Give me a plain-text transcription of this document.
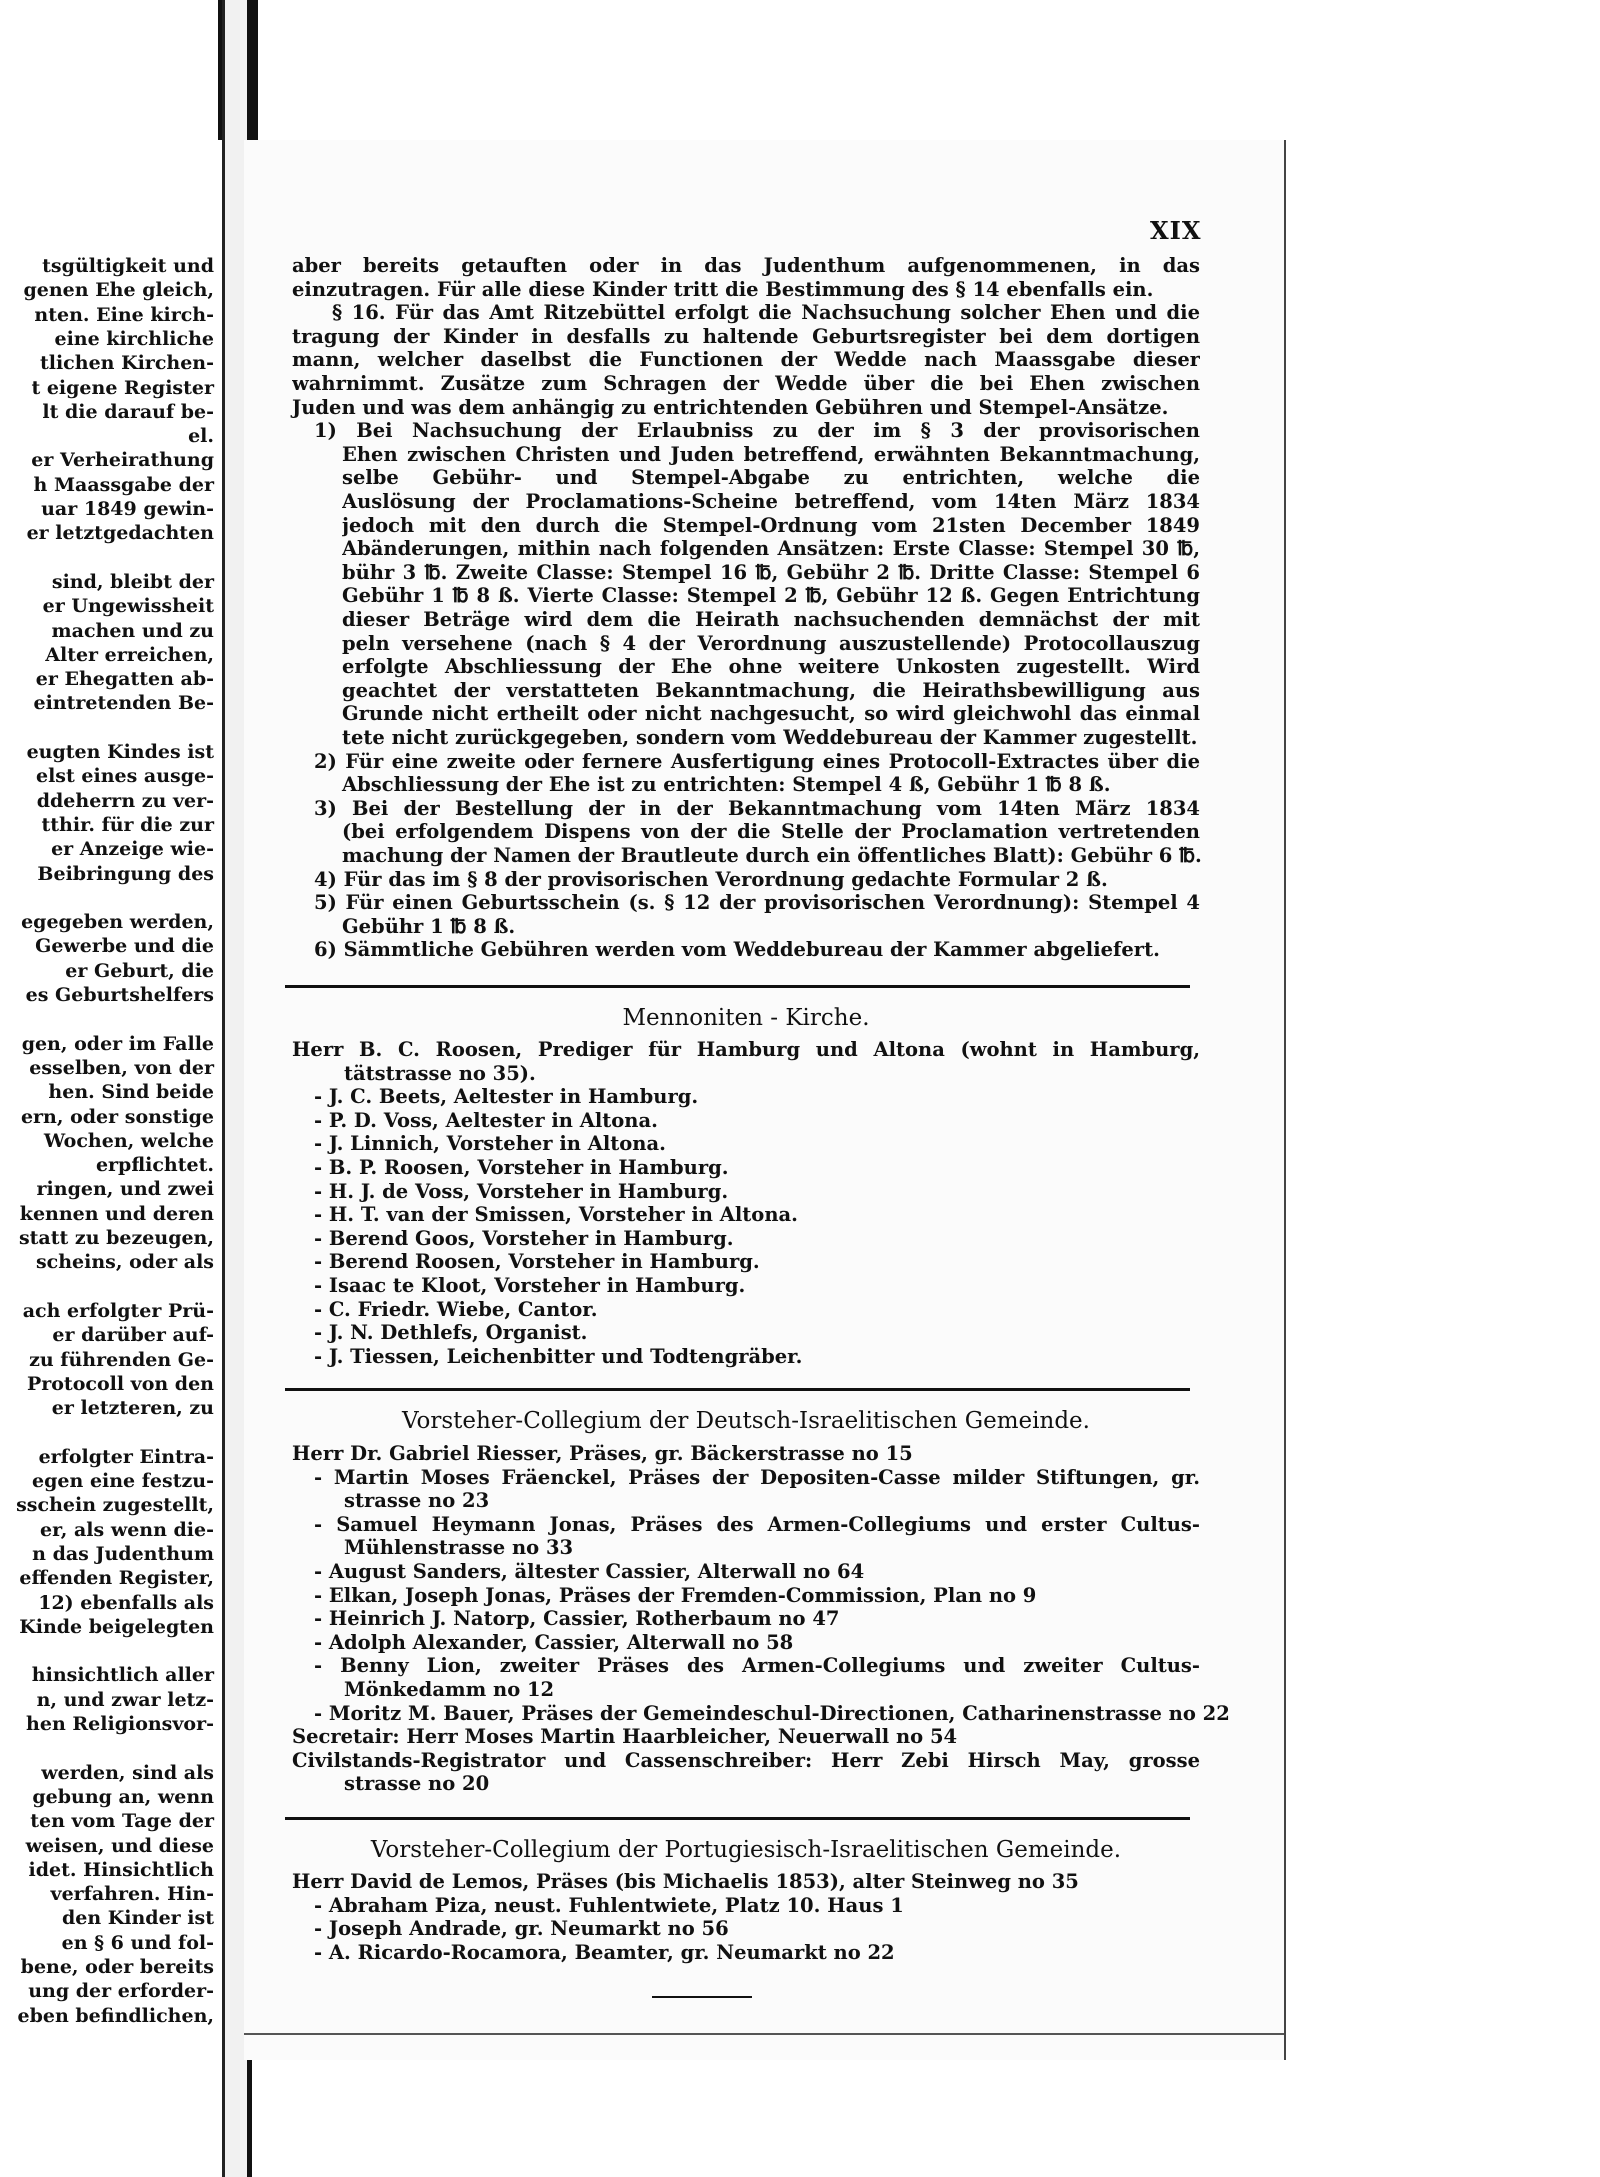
tsgültigkeit und
genen Ehe gleich,
nten. Eine kirch-
eine kirchliche
tlichen Kirchen-
t eigene Register
lt die darauf be-
el.
er Verheirathung
h Maassgabe der
uar 1849 gewin-
er letztgedachten
sind, bleibt der
er Ungewissheit
machen und zu
Alter erreichen,
er Ehegatten ab-
eintretenden Be-
eugten Kindes ist
elst eines ausge-
ddeherrn zu ver-
tthir. für die zur
er Anzeige wie-
Beibringung des
egegeben werden,
Gewerbe und die
er Geburt, die
es Geburtshelfers
gen, oder im Falle
esselben, von der
hen. Sind beide
ern, oder sonstige
Wochen, welche
erpflichtet.
ringen, und zwei
kennen und deren
statt zu bezeugen,
scheins, oder als
ach erfolgter Prü-
er darüber auf-
zu führenden Ge-
Protocoll von den
er letzteren, zu
erfolgter Eintra-
egen eine festzu-
sschein zugestellt,
er, als wenn die-
n das Judenthum
effenden Register,
12) ebenfalls als
Kinde beigelegten
hinsichtlich aller
n, und zwar letz-
hen Religionsvor-
werden, sind als
gebung an, wenn
ten vom Tage der
weisen, und diese
idet. Hinsichtlich
verfahren. Hin-
den Kinder ist
en § 6 und fol-
bene, oder bereits
ung der erforder-
eben befindlichen,
XIX
aber bereits getauften oder in das Judenthum aufgenommenen, in das
einzutragen. Für alle diese Kinder tritt die Bestimmung des § 14 ebenfalls ein.
§ 16. Für das Amt Ritzebüttel erfolgt die Nachsuchung solcher Ehen und die
tragung der Kinder in desfalls zu haltende Geburtsregister bei dem dortigen
mann, welcher daselbst die Functionen der Wedde nach Maassgabe dieser
wahrnimmt. Zusätze zum Schragen der Wedde über die bei Ehen zwischen
Juden und was dem anhängig zu entrichtenden Gebühren und Stempel-Ansätze.
1) Bei Nachsuchung der Erlaubniss zu der im § 3 der provisorischen
Ehen zwischen Christen und Juden betreffend, erwähnten Bekanntmachung,
selbe Gebühr- und Stempel-Abgabe zu entrichten, welche die
Auslösung der Proclamations-Scheine betreffend, vom 14ten März 1834
jedoch mit den durch die Stempel-Ordnung vom 21sten December 1849
Abänderungen, mithin nach folgenden Ansätzen: Erste Classe: Stempel 30 ℔,
bühr 3 ℔. Zweite Classe: Stempel 16 ℔, Gebühr 2 ℔. Dritte Classe: Stempel 6
Gebühr 1 ℔ 8 ß. Vierte Classe: Stempel 2 ℔, Gebühr 12 ß. Gegen Entrichtung
dieser Beträge wird dem die Heirath nachsuchenden demnächst der mit
peln versehene (nach § 4 der Verordnung auszustellende) Protocollauszug
erfolgte Abschliessung der Ehe ohne weitere Unkosten zugestellt. Wird
geachtet der verstatteten Bekanntmachung, die Heirathsbewilligung aus
Grunde nicht ertheilt oder nicht nachgesucht, so wird gleichwohl das einmal
tete nicht zurückgegeben, sondern vom Weddebureau der Kammer zugestellt.
2) Für eine zweite oder fernere Ausfertigung eines Protocoll-Extractes über die
Abschliessung der Ehe ist zu entrichten: Stempel 4 ß, Gebühr 1 ℔ 8 ß.
3) Bei der Bestellung der in der Bekanntmachung vom 14ten März 1834
(bei erfolgendem Dispens von der die Stelle der Proclamation vertretenden
machung der Namen der Brautleute durch ein öffentliches Blatt): Gebühr 6 ℔.
4) Für das im § 8 der provisorischen Verordnung gedachte Formular 2 ß.
5) Für einen Geburtsschein (s. § 12 der provisorischen Verordnung): Stempel 4
Gebühr 1 ℔ 8 ß.
6) Sämmtliche Gebühren werden vom Weddebureau der Kammer abgeliefert.
Mennoniten - Kirche.
Herr B. C. Roosen, Prediger für Hamburg und Altona (wohnt in Hamburg,
tätstrasse no 35).
- J. C. Beets, Aeltester in Hamburg.
- P. D. Voss, Aeltester in Altona.
- J. Linnich, Vorsteher in Altona.
- B. P. Roosen, Vorsteher in Hamburg.
- H. J. de Voss, Vorsteher in Hamburg.
- H. T. van der Smissen, Vorsteher in Altona.
- Berend Goos, Vorsteher in Hamburg.
- Berend Roosen, Vorsteher in Hamburg.
- Isaac te Kloot, Vorsteher in Hamburg.
- C. Friedr. Wiebe, Cantor.
- J. N. Dethlefs, Organist.
- J. Tiessen, Leichenbitter und Todtengräber.
Vorsteher-Collegium der Deutsch-Israelitischen Gemeinde.
Herr Dr. Gabriel Riesser, Präses, gr. Bäckerstrasse no 15
- Martin Moses Fräenckel, Präses der Depositen-Casse milder Stiftungen, gr.
strasse no 23
- Samuel Heymann Jonas, Präses des Armen-Collegiums und erster Cultus-
Mühlenstrasse no 33
- August Sanders, ältester Cassier, Alterwall no 64
- Elkan, Joseph Jonas, Präses der Fremden-Commission, Plan no 9
- Heinrich J. Natorp, Cassier, Rotherbaum no 47
- Adolph Alexander, Cassier, Alterwall no 58
- Benny Lion, zweiter Präses des Armen-Collegiums und zweiter Cultus-
Mönkedamm no 12
- Moritz M. Bauer, Präses der Gemeindeschul-Directionen, Catharinenstrasse no 22
Secretair: Herr Moses Martin Haarbleicher, Neuerwall no 54
Civilstands-Registrator und Cassenschreiber: Herr Zebi Hirsch May, grosse
strasse no 20
Vorsteher-Collegium der Portugiesisch-Israelitischen Gemeinde.
Herr David de Lemos, Präses (bis Michaelis 1853), alter Steinweg no 35
- Abraham Piza, neust. Fuhlentwiete, Platz 10. Haus 1
- Joseph Andrade, gr. Neumarkt no 56
- A. Ricardo-Rocamora, Beamter, gr. Neumarkt no 22
